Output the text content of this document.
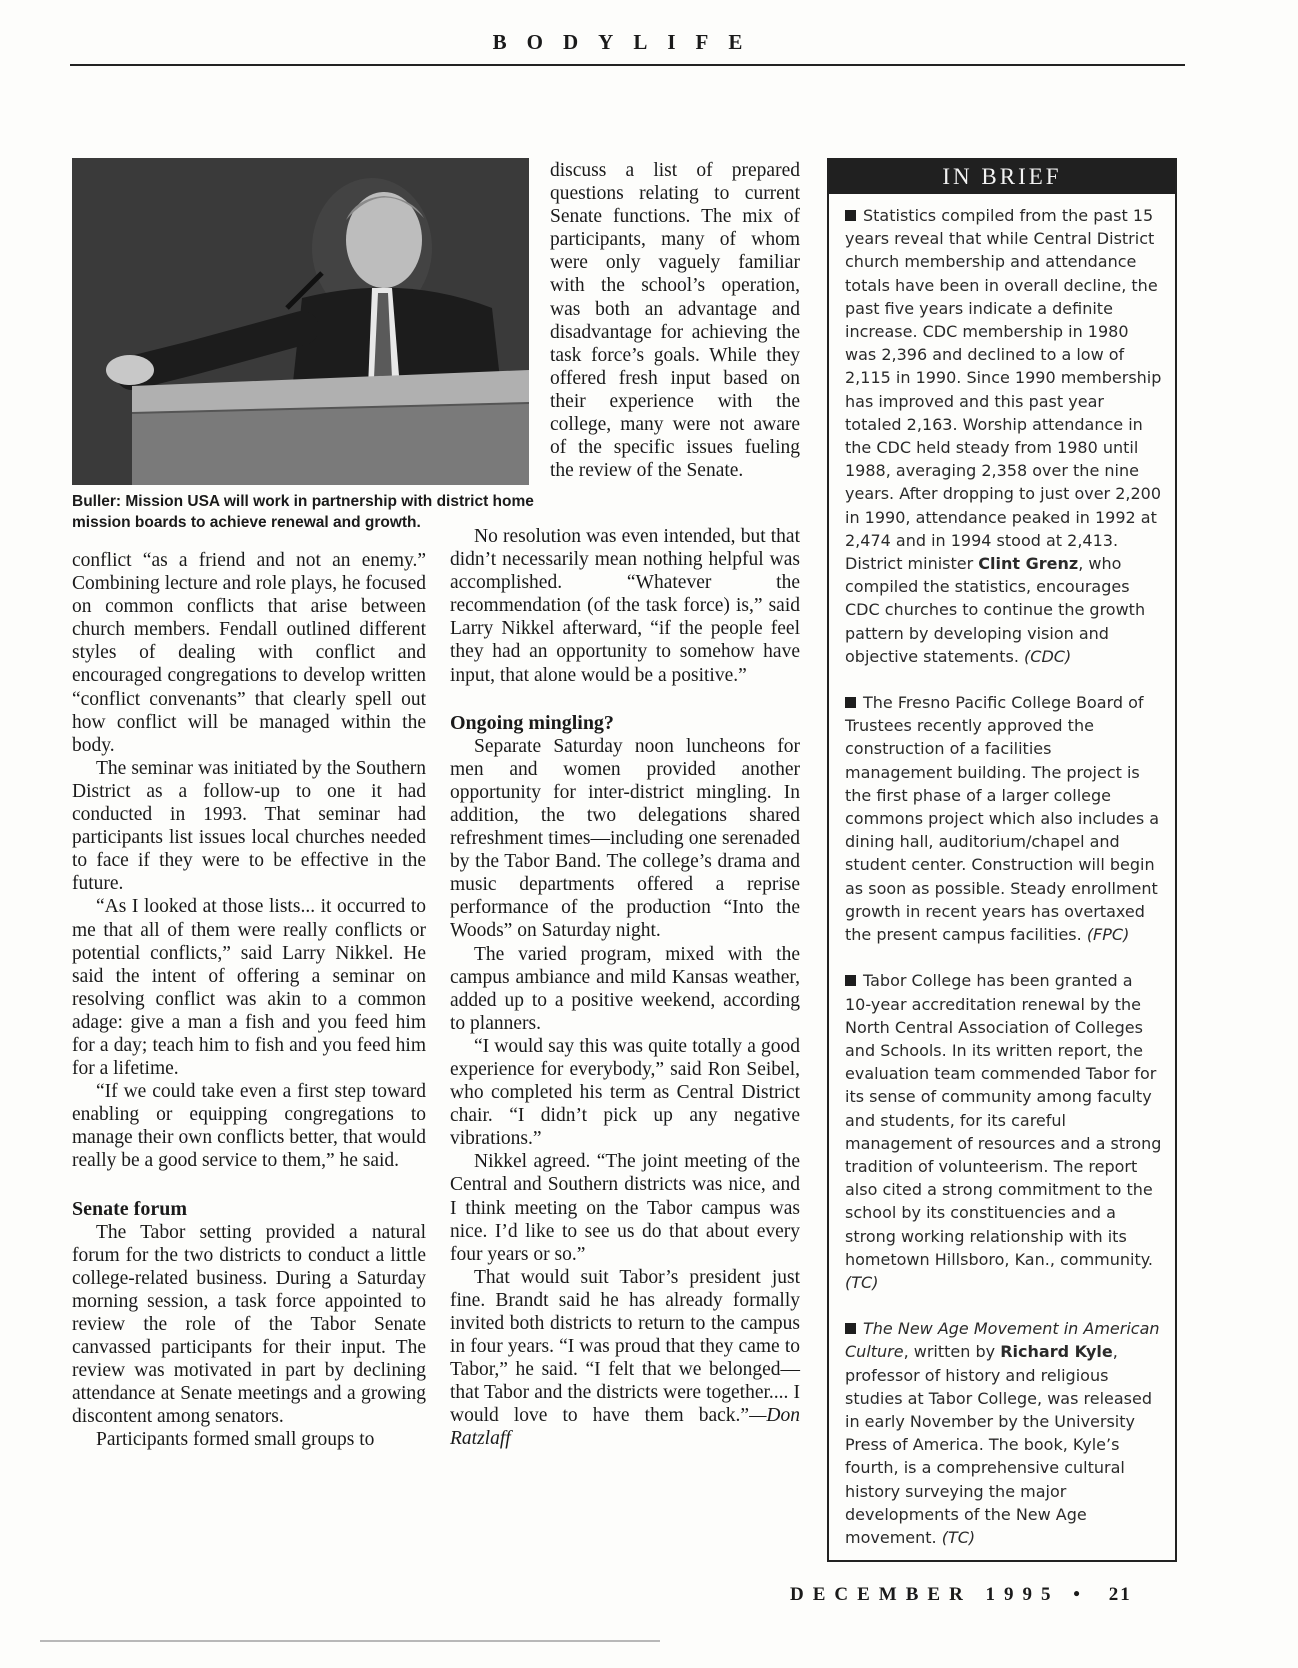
BODYLIFE
Buller: Mission USA will work in partnership with district home mission boards to achieve renewal and growth.

conflict “as a friend and not an enemy.” Combining lecture and role plays, he focused on common conflicts that arise between church members. Fendall outlined different styles of dealing with conflict and encouraged congregations to develop written “conflict convenants” that clearly spell out how conflict will be managed within the body.

The seminar was initiated by the Southern District as a follow-up to one it had conducted in 1993. That seminar had participants list issues local churches needed to face if they were to be effective in the future.

“As I looked at those lists... it occurred to me that all of them were really conflicts or potential conflicts,” said Larry Nikkel. He said the intent of offering a seminar on resolving conflict was akin to a common adage: give a man a fish and you feed him for a day; teach him to fish and you feed him for a lifetime.

“If we could take even a first step toward enabling or equipping congregations to manage their own conflicts better, that would really be a good service to them,” he said.

Senate forum

The Tabor setting provided a natural forum for the two districts to conduct a little college-related business. During a Saturday morning session, a task force appointed to review the role of the Tabor Senate canvassed participants for their input. The review was motivated in part by declining attendance at Senate meetings and a growing discontent among senators.

Participants formed small groups to

discuss a list of prepared questions relating to current Senate functions. The mix of participants, many of whom were only vaguely familiar with the school’s operation, was both an advantage and disadvantage for achieving the task force’s goals. While they offered fresh input based on their experience with the college, many were not aware of the specific issues fueling the review of the Senate.

No resolution was even intended, but that didn’t necessarily mean nothing helpful was accomplished. “Whatever the recommendation (of the task force) is,” said Larry Nikkel afterward, “if the people feel they had an opportunity to somehow have input, that alone would be a positive.”

Ongoing mingling?

Separate Saturday noon luncheons for men and women provided another opportunity for inter-district mingling. In addition, the two delegations shared refreshment times—including one serenaded by the Tabor Band. The college’s drama and music departments offered a reprise performance of the production “Into the Woods” on Saturday night.

The varied program, mixed with the campus ambiance and mild Kansas weather, added up to a positive weekend, according to planners.

“I would say this was quite totally a good experience for everybody,” said Ron Seibel, who completed his term as Central District chair. “I didn’t pick up any negative vibrations.”

Nikkel agreed. “The joint meeting of the Central and Southern districts was nice, and I think meeting on the Tabor campus was nice. I’d like to see us do that about every four years or so.”

That would suit Tabor’s president just fine. Brandt said he has already formally invited both districts to return to the campus in four years. “I was proud that they came to Tabor,” he said. “I felt that we belonged—that Tabor and the districts were together.... I would love to have them back.”—Don Ratzlaff

IN BRIEF

Statistics compiled from the past 15 years reveal that while Central District church membership and attendance totals have been in overall decline, the past five years indicate a definite increase. CDC membership in 1980 was 2,396 and declined to a low of 2,115 in 1990. Since 1990 membership has improved and this past year totaled 2,163. Worship attendance in the CDC held steady from 1980 until 1988, averaging 2,358 over the nine years. After dropping to just over 2,200 in 1990, attendance peaked in 1992 at 2,474 and in 1994 stood at 2,413. District minister Clint Grenz, who compiled the statistics, encourages CDC churches to continue the growth pattern by developing vision and objective statements. (CDC)

The Fresno Pacific College Board of Trustees recently approved the construction of a facilities management building. The project is the first phase of a larger college commons project which also includes a dining hall, auditorium/chapel and student center. Construction will begin as soon as possible. Steady enrollment growth in recent years has overtaxed the present campus facilities. (FPC)

Tabor College has been granted a 10-year accreditation renewal by the North Central Association of Colleges and Schools. In its written report, the evaluation team commended Tabor for its sense of community among faculty and students, for its careful management of resources and a strong tradition of volunteerism. The report also cited a strong commitment to the school by its constituencies and a strong working relationship with its hometown Hillsboro, Kan., community. (TC)

The New Age Movement in American Culture, written by Richard Kyle, professor of history and religious studies at Tabor College, was released in early November by the University Press of America. The book, Kyle’s fourth, is a comprehensive cultural history surveying the major developments of the New Age movement. (TC)

DECEMBER 1995 • 21
